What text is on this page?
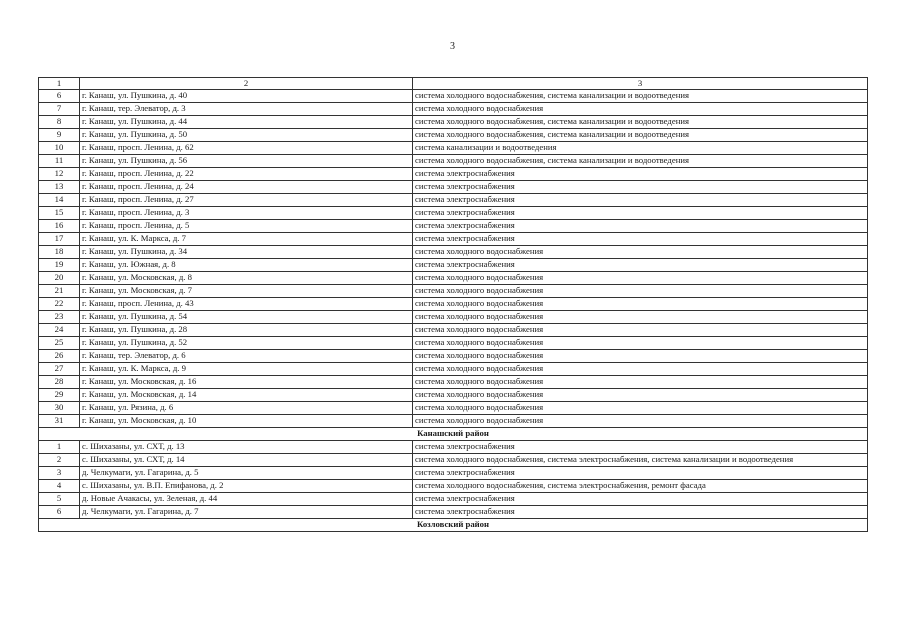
3
1	2	3
6	г. Канаш, ул. Пушкина, д. 40	система холодного водоснабжения, система канализации и водоотведения
7	г. Канаш, тер. Элеватор, д. 3	система холодного водоснабжения
8	г. Канаш, ул. Пушкина, д. 44	система холодного водоснабжения, система канализации и водоотведения
9	г. Канаш, ул. Пушкина, д. 50	система холодного водоснабжения, система канализации и водоотведения
10	г. Канаш, просп. Ленина, д. 62	система канализации и водоотведения
11	г. Канаш, ул. Пушкина, д. 56	система холодного водоснабжения, система канализации и водоотведения
12	г. Канаш, просп. Ленина, д. 22	система электроснабжения
13	г. Канаш, просп. Ленина, д. 24	система электроснабжения
14	г. Канаш, просп. Ленина, д. 27	система электроснабжения
15	г. Канаш, просп. Ленина, д. 3	система электроснабжения
16	г. Канаш, просп. Ленина, д. 5	система электроснабжения
17	г. Канаш, ул. К. Маркса, д. 7	система электроснабжения
18	г. Канаш, ул. Пушкина, д. 34	система холодного водоснабжения
19	г. Канаш, ул. Южная, д. 8	система электроснабжения
20	г. Канаш, ул. Московская, д. 8	система холодного водоснабжения
21	г. Канаш, ул. Московская, д. 7	система холодного водоснабжения
22	г. Канаш, просп. Ленина, д. 43	система холодного водоснабжения
23	г. Канаш, ул. Пушкина, д. 54	система холодного водоснабжения
24	г. Канаш, ул. Пушкина, д. 28	система холодного водоснабжения
25	г. Канаш, ул. Пушкина, д. 52	система холодного водоснабжения
26	г. Канаш, тер. Элеватор, д. 6	система холодного водоснабжения
27	г. Канаш, ул. К. Маркса, д. 9	система холодного водоснабжения
28	г. Канаш, ул. Московская, д. 16	система холодного водоснабжения
29	г. Канаш, ул. Московская, д. 14	система холодного водоснабжения
30	г. Канаш, ул. Рязина, д. 6	система холодного водоснабжения
31	г. Канаш, ул. Московская, д. 10	система холодного водоснабжения
Канашский район		
1	с. Шихазаны, ул. СХТ, д. 13	система электроснабжения
2	с. Шихазаны, ул. СХТ, д. 14	система холодного водоснабжения, система электроснабжения, система канализации и водоотведения
3	д. Челкумаги, ул. Гагарина, д. 5	система электроснабжения
4	с. Шихазаны, ул. В.П. Епифанова, д. 2	система холодного водоснабжения, система электроснабжения, ремонт фасада
5	д. Новые Ачакасы, ул. Зеленая, д. 44	система электроснабжения
6	д. Челкумаги, ул. Гагарина, д. 7	система электроснабжения
Козловский район		
